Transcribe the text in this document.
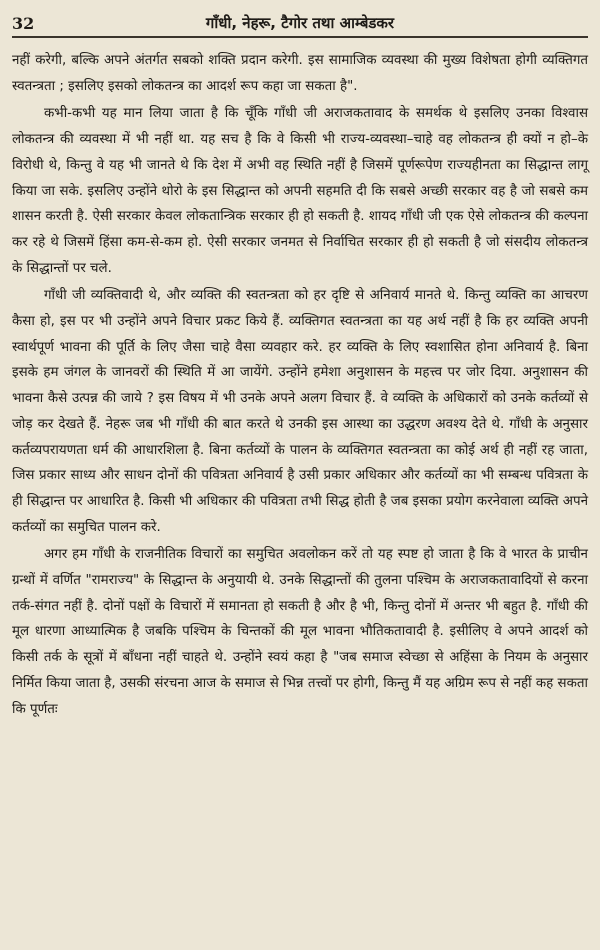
32	गाँधी, नेहरू, टैगोर तथा आम्बेडकर

नहीं करेगी, बल्कि अपने अंतर्गत सबको शक्ति प्रदान करेगी. इस सामाजिक व्यवस्था की मुख्य विशेषता होगी व्यक्तिगत स्वतन्त्रता ; इसलिए इसको लोकतन्त्र का आदर्श रूप कहा जा सकता है".

कभी-कभी यह मान लिया जाता है कि चूँकि गाँधी जी अराजकतावाद के समर्थक थे इसलिए उनका विश्वास लोकतन्त्र की व्यवस्था में भी नहीं था. यह सच है कि वे किसी भी राज्य-व्यवस्था–चाहे वह लोकतन्त्र ही क्यों न हो–के विरोधी थे, किन्तु वे यह भी जानते थे कि देश में अभी वह स्थिति नहीं है जिसमें पूर्णरूपेण राज्यहीनता का सिद्धान्त लागू किया जा सके. इसलिए उन्होंने थोरो के इस सिद्धान्त को अपनी सहमति दी कि सबसे अच्छी सरकार वह है जो सबसे कम शासन करती है. ऐसी सरकार केवल लोकतान्त्रिक सरकार ही हो सकती है. शायद गाँधी जी एक ऐसे लोकतन्त्र की कल्पना कर रहे थे जिसमें हिंसा कम-से-कम हो. ऐसी सरकार जनमत से निर्वाचित सरकार ही हो सकती है जो संसदीय लोकतन्त्र के सिद्धान्तों पर चले.

गाँधी जी व्यक्तिवादी थे, और व्यक्ति की स्वतन्त्रता को हर दृष्टि से अनिवार्य मानते थे. किन्तु व्यक्ति का आचरण कैसा हो, इस पर भी उन्होंने अपने विचार प्रकट किये हैं. व्यक्तिगत स्वतन्त्रता का यह अर्थ नहीं है कि हर व्यक्ति अपनी स्वार्थपूर्ण भावना की पूर्ति के लिए जैसा चाहे वैसा व्यवहार करे. हर व्यक्ति के लिए स्वशासित होना अनिवार्य है. बिना इसके हम जंगल के जानवरों की स्थिति में आ जायेंगे. उन्होंने हमेशा अनुशासन के महत्त्व पर जोर दिया. अनुशासन की भावना कैसे उत्पन्न की जाये ? इस विषय में भी उनके अपने अलग विचार हैं. वे व्यक्ति के अधिकारों को उनके कर्तव्यों से जोड़ कर देखते हैं. नेहरू जब भी गाँधी की बात करते थे उनकी इस आस्था का उद्धरण अवश्य देते थे. गाँधी के अनुसार कर्तव्यपरायणता धर्म की आधारशिला है. बिना कर्तव्यों के पालन के व्यक्तिगत स्वतन्त्रता का कोई अर्थ ही नहीं रह जाता, जिस प्रकार साध्य और साधन दोनों की पवित्रता अनिवार्य है उसी प्रकार अधिकार और कर्तव्यों का भी सम्बन्ध पवित्रता के ही सिद्धान्त पर आधारित है. किसी भी अधिकार की पवित्रता तभी सिद्ध होती है जब इसका प्रयोग करनेवाला व्यक्ति अपने कर्तव्यों का समुचित पालन करे.

अगर हम गाँधी के राजनीतिक विचारों का समुचित अवलोकन करें तो यह स्पष्ट हो जाता है कि वे भारत के प्राचीन ग्रन्थों में वर्णित "रामराज्य" के सिद्धान्त के अनुयायी थे. उनके सिद्धान्तों की तुलना पश्चिम के अराजकतावादियों से करना तर्क-संगत नहीं है. दोनों पक्षों के विचारों में समानता हो सकती है और है भी, किन्तु दोनों में अन्तर भी बहुत है. गाँधी की मूल धारणा आध्यात्मिक है जबकि पश्चिम के चिन्तकों की मूल भावना भौतिकतावादी है. इसीलिए वे अपने आदर्श को किसी तर्क के सूत्रों में बाँधना नहीं चाहते थे. उन्होंने स्वयं कहा है "जब समाज स्वेच्छा से अहिंसा के नियम के अनुसार निर्मित किया जाता है, उसकी संरचना आज के समाज से भिन्न तत्त्वों पर होगी, किन्तु मैं यह अग्रिम रूप से नहीं कह सकता कि पूर्णतः
